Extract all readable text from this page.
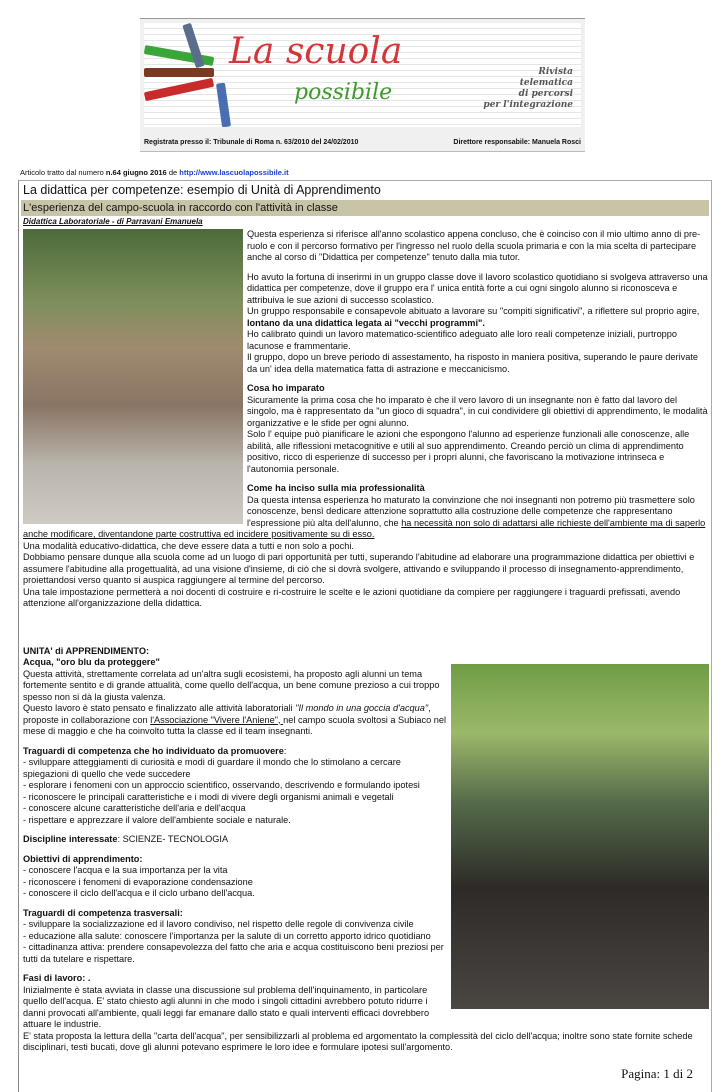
La scuola
possibile
Rivista
telematica
di percorsi
per l'integrazione
Registrata presso il: Tribunale di Roma n. 63/2010 del 24/02/2010	Direttore responsabile: Manuela Rosci
Articolo tratto dal numero n.64 giugno 2016 de http://www.lascuolapossibile.it
La didattica per competenze: esempio di Unità di Apprendimento
L'esperienza del campo-scuola in raccordo con l'attività in classe
Didattica Laboratoriale - di Parravani Emanuela

Questa esperienza si riferisce all'anno scolastico appena concluso, che è coinciso con il mio ultimo anno di pre-ruolo e con il percorso formativo per l'ingresso nel ruolo della scuola primaria e con la mia scelta di partecipare anche al corso di "Didattica per competenze" tenuto dalla mia tutor.

Ho avuto la fortuna di inserirmi in un gruppo classe dove il lavoro scolastico quotidiano si svolgeva attraverso una didattica per competenze, dove il gruppo era l' unica entità forte a cui ogni singolo alunno si riconosceva e attribuiva le sue azioni di successo scolastico.
Un gruppo responsabile e consapevole abituato a lavorare su "compiti significativi", a riflettere sul proprio agire,
lontano da una didattica legata ai "vecchi programmi".
Ho calibrato quindi un lavoro matematico-scientifico adeguato alle loro reali competenze iniziali, purtroppo lacunose e frammentarie.
Il gruppo, dopo un breve periodo di assestamento, ha risposto in maniera positiva, superando le paure derivate da un' idea della matematica fatta di astrazione e meccanicismo.

Cosa ho imparato
Sicuramente la prima cosa che ho imparato è che il vero lavoro di un insegnante non è fatto dal lavoro del singolo, ma è rappresentato da "un gioco di squadra", in cui condividere gli obiettivi di apprendimento, le modalità organizzative e le sfide per ogni alunno.
Solo l' equipe può pianificare le azioni che espongono l'alunno ad esperienze funzionali alle conoscenze, alle abilità, alle riflessioni metacognitive e utili al suo apprendimento. Creando perciò un clima di apprendimento positivo, ricco di esperienze di successo per i propri alunni, che favoriscano la motivazione intrinseca e l'autonomia personale.

Come ha inciso sulla mia professionalità
Da questa intensa esperienza ho maturato la convinzione che noi insegnanti non potremo più trasmettere solo conoscenze, bensì dedicare attenzione soprattutto alla costruzione delle competenze che rappresentano l'espressione più alta dell'alunno, che ha necessità non solo di adattarsi alle richieste dell'ambiente ma di saperlo anche modificare, diventandone parte costruttiva ed incidere positivamente su di esso.
Una modalità educativo-didattica, che deve essere data a tutti e non solo a pochi.
Dobbiamo pensare dunque alla scuola come ad un luogo di pari opportunità per tutti, superando l'abitudine ad elaborare una programmazione didattica per obiettivi e assumere l'abitudine alla progettualità, ad una visione d'insieme, di ciò che si dovrà svolgere, attivando e sviluppando il processo di insegnamento-apprendimento, proiettandosi verso quanto si auspica raggiungere al termine del percorso.
Una tale impostazione permetterà a noi docenti di costruire e ri-costruire le scelte e le azioni quotidiane da compiere per raggiungere i traguardi prefissati, avendo attenzione all'organizzazione della didattica.

UNITA' di APPRENDIMENTO:
Acqua, "oro blu da proteggere"
Questa attività, strettamente correlata ad un'altra sugli ecosistemi, ha proposto agli alunni un tema fortemente sentito e di grande attualità, come quello dell'acqua, un bene comune prezioso a cui troppo spesso non si dà la giusta valenza.
Questo lavoro è stato pensato e finalizzato alle attività laboratoriali "Il mondo in una goccia d'acqua", proposte in collaborazione con l'Associazione "Vivere l'Aniene", nel campo scuola svoltosi a Subiaco nel mese di maggio e che ha coinvolto tutta la classe ed il team insegnanti.

Traguardi di competenza che ho individuato da promuovere:
- sviluppare atteggiamenti di curiosità e modi di guardare il mondo che lo stimolano a cercare spiegazioni di quello che vede succedere
- esplorare i fenomeni con un approccio scientifico, osservando, descrivendo e formulando ipotesi
- riconoscere le principali caratteristiche e i modi di vivere degli organismi animali e vegetali
- conoscere alcune caratteristiche dell'aria e dell'acqua
- rispettare e apprezzare il valore dell'ambiente sociale e naturale.

Discipline interessate: SCIENZE- TECNOLOGIA

Obiettivi di apprendimento:
- conoscere l'acqua e la sua importanza per la vita
- riconoscere i fenomeni di evaporazione condensazione
- conoscere il ciclo dell'acqua e il ciclo urbano dell'acqua.

Traguardi di competenza trasversali:
- sviluppare la socializzazione ed il lavoro condiviso, nel rispetto delle regole di convivenza civile
- educazione alla salute: conoscere l'importanza per la salute di un corretto apporto idrico quotidiano
- cittadinanza attiva: prendere consapevolezza del fatto che aria e acqua costituiscono beni preziosi per tutti da tutelare e rispettare.

Fasi di lavoro: .
Inizialmente è stata avviata in classe una discussione sul problema dell'inquinamento, in particolare quello dell'acqua. E' stato chiesto agli alunni in che modo i singoli cittadini avrebbero potuto ridurre i danni provocati all'ambiente, quali leggi far emanare dallo stato e quali interventi efficaci dovrebbero attuare le industrie.
E' stata proposta la lettura della "carta dell'acqua", per sensibilizzarli al problema ed argomentato la complessità del ciclo dell'acqua; inoltre sono state fornite schede disciplinari, testi bucati, dove gli alunni potevano esprimere le loro idee e formulare ipotesi sull'argomento.

Pagina: 1 di 2
